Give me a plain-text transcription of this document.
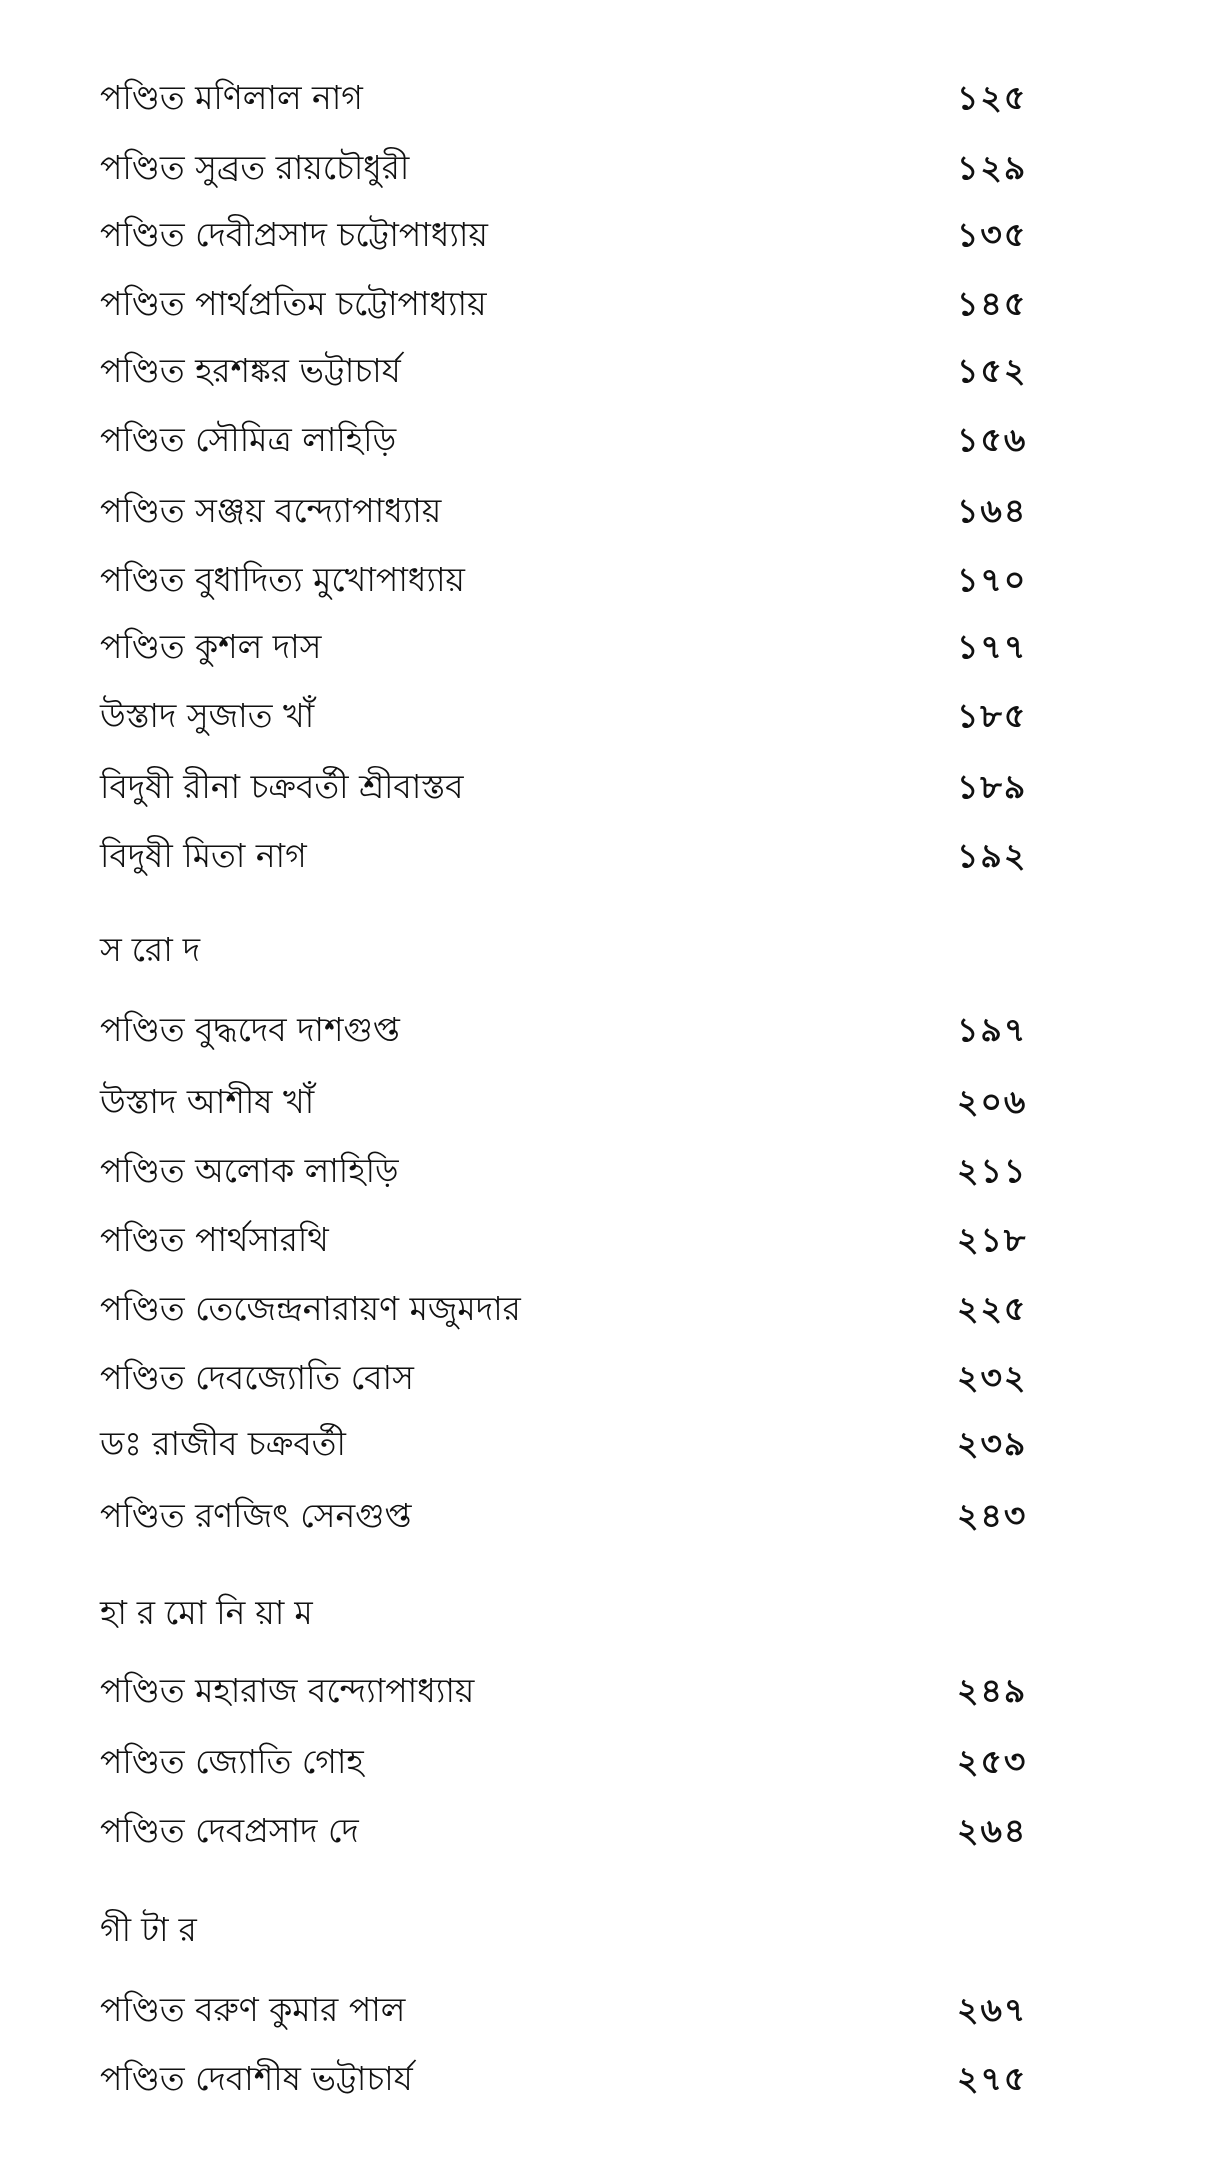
পণ্ডিত মণিলাল নাগ	১২৫
পণ্ডিত সুব্রত রায়চৌধুরী	১২৯
পণ্ডিত দেবীপ্রসাদ চট্টোপাধ্যায়	১৩৫
পণ্ডিত পার্থপ্রতিম চট্টোপাধ্যায়	১৪৫
পণ্ডিত হরশঙ্কর ভট্টাচার্য	১৫২
পণ্ডিত সৌমিত্র লাহিড়ি	১৫৬
পণ্ডিত সঞ্জয় বন্দ্যোপাধ্যায়	১৬৪
পণ্ডিত বুধাদিত্য মুখোপাধ্যায়	১৭০
পণ্ডিত কুশল দাস	১৭৭
উস্তাদ সুজাত খাঁ	১৮৫
বিদুষী রীনা চক্রবর্তী শ্রীবাস্তব	১৮৯
বিদুষী মিতা নাগ	১৯২
সরোদ
পণ্ডিত বুদ্ধদেব দাশগুপ্ত	১৯৭
উস্তাদ আশীষ খাঁ	২০৬
পণ্ডিত অলোক লাহিড়ি	২১১
পণ্ডিত পার্থসারথি	২১৮
পণ্ডিত তেজেন্দ্রনারায়ণ মজুমদার	২২৫
পণ্ডিত দেবজ্যোতি বোস	২৩২
ডঃ রাজীব চক্রবর্তী	২৩৯
পণ্ডিত রণজিৎ সেনগুপ্ত	২৪৩
হারমোনিয়াম
পণ্ডিত মহারাজ বন্দ্যোপাধ্যায়	২৪৯
পণ্ডিত জ্যোতি গোহ	২৫৩
পণ্ডিত দেবপ্রসাদ দে	২৬৪
গীটার
পণ্ডিত বরুণ কুমার পাল	২৬৭
পণ্ডিত দেবাশীষ ভট্টাচার্য	২৭৫
